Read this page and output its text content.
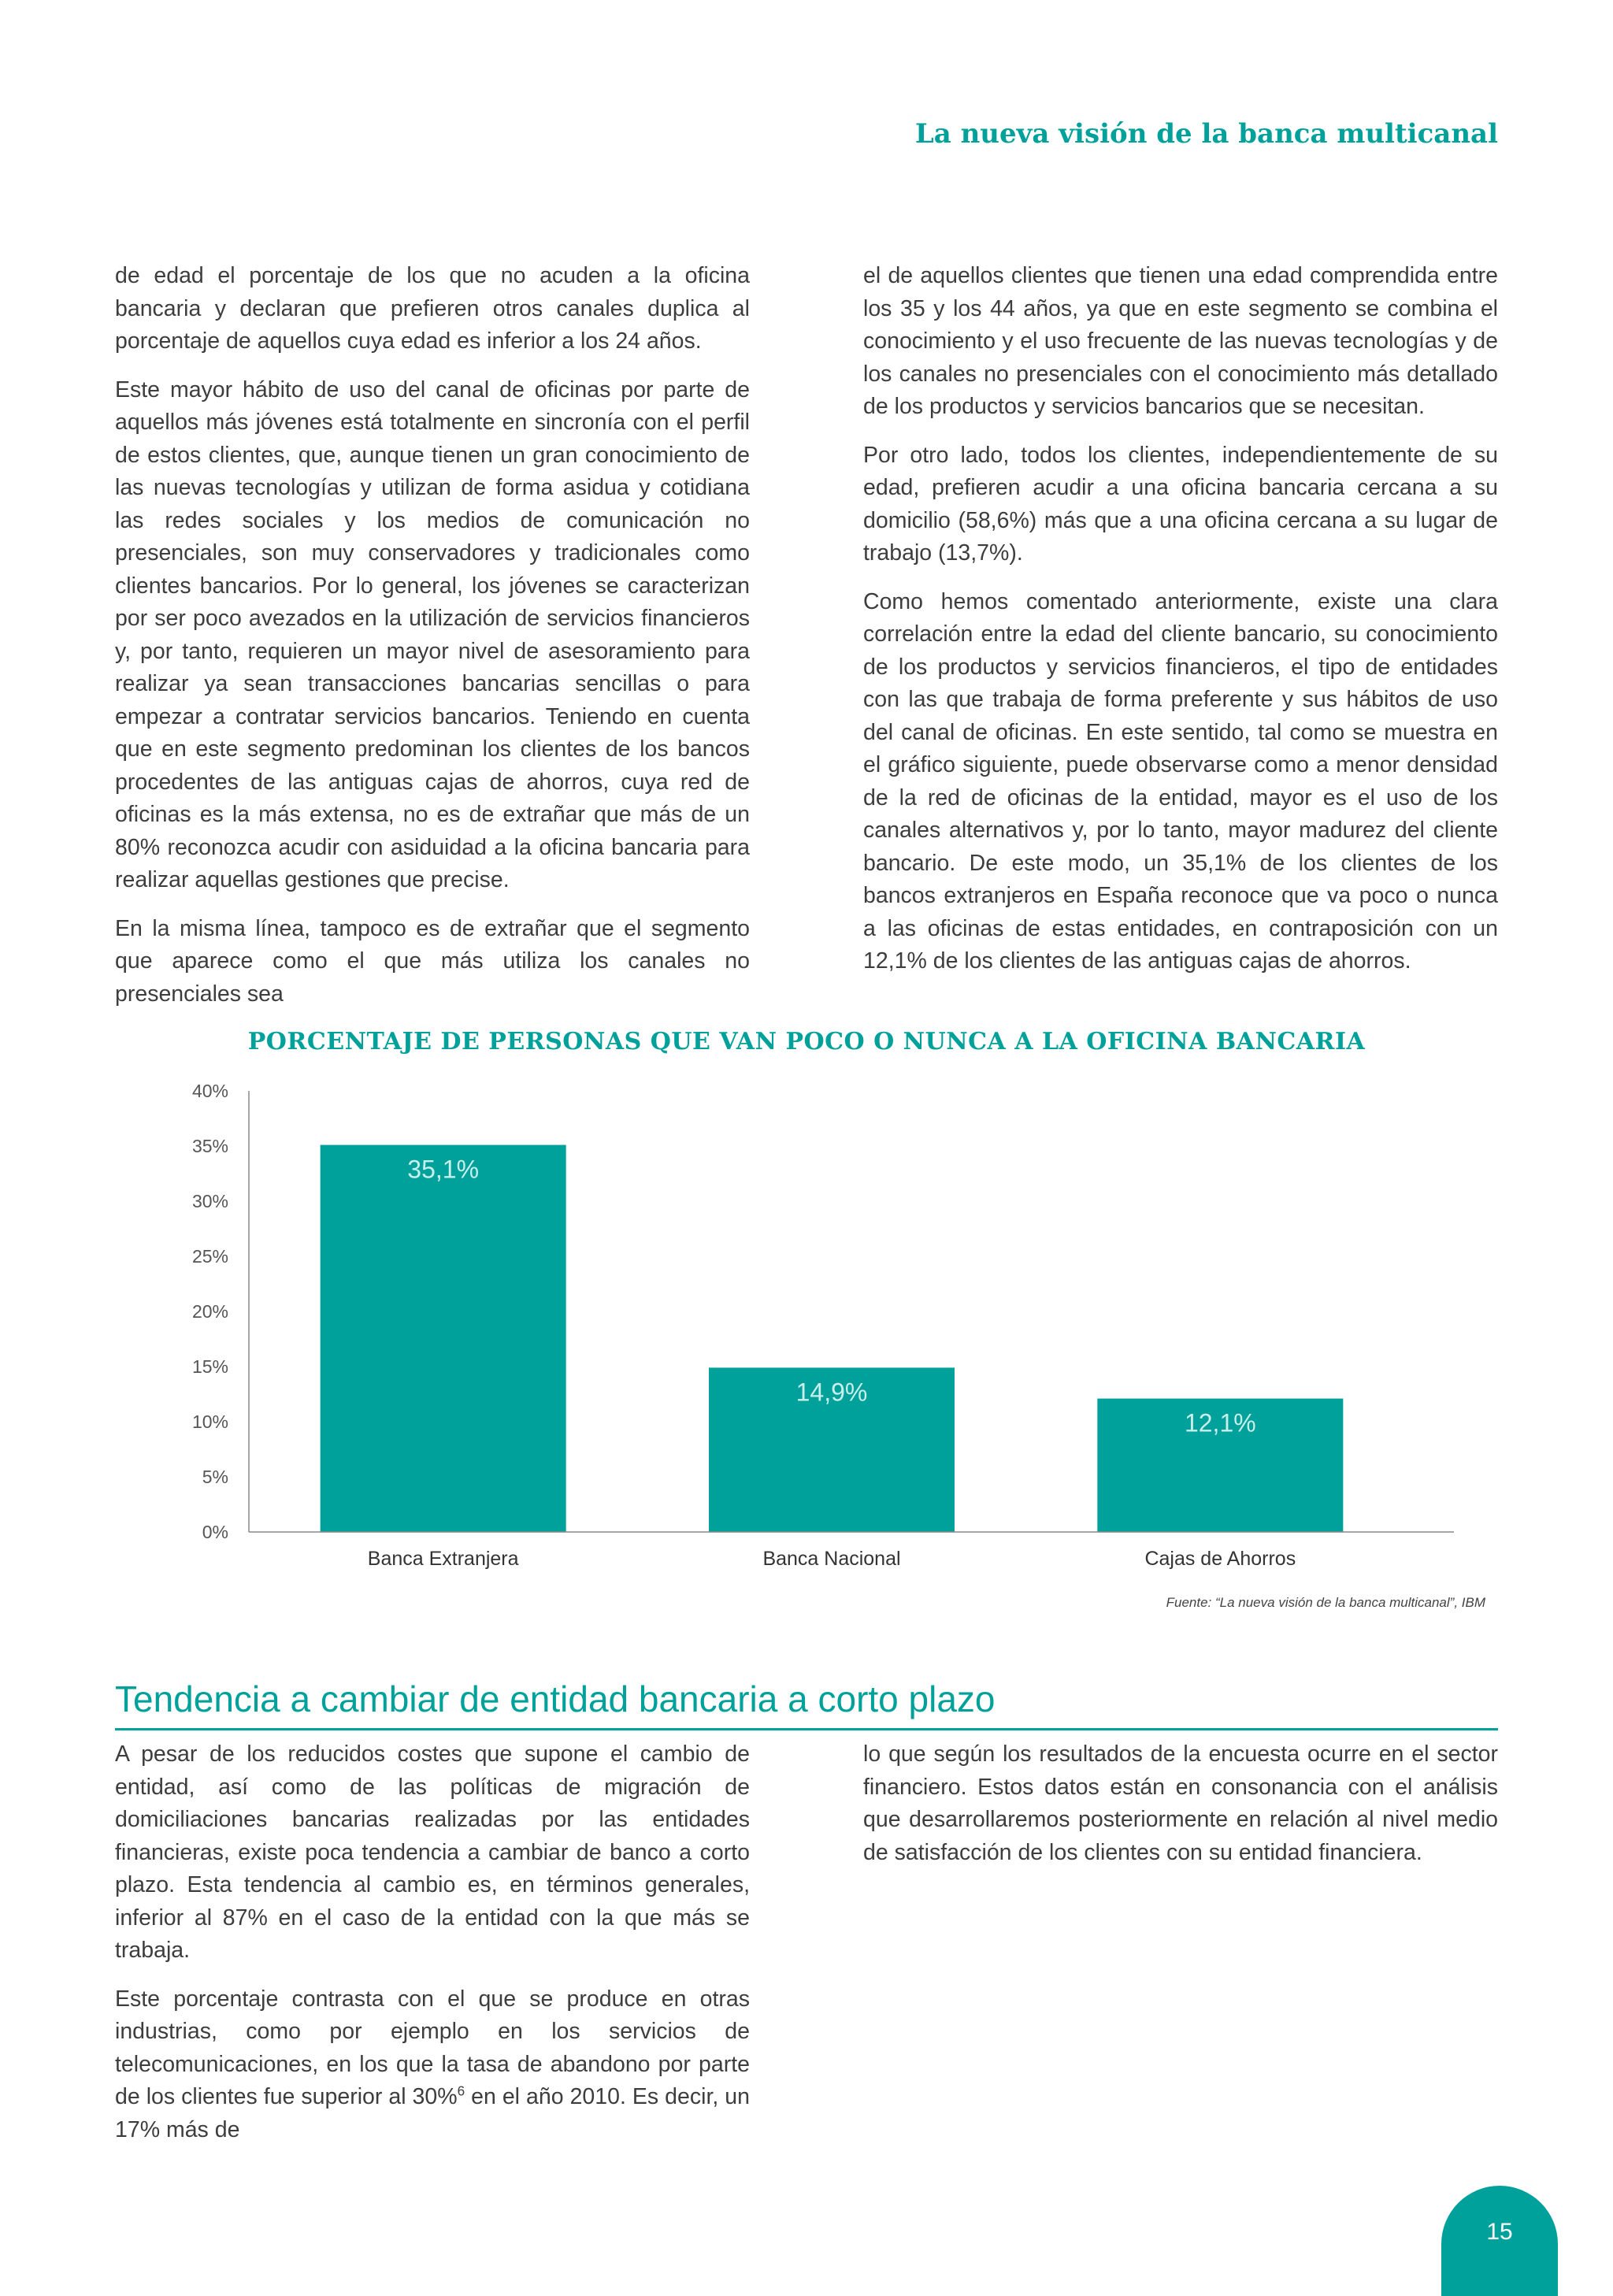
La nueva visión de la banca multicanal

de edad el porcentaje de los que no acuden a la oficina bancaria y declaran que prefieren otros canales duplica al porcentaje de aquellos cuya edad es inferior a los 24 años.

Este mayor hábito de uso del canal de oficinas por parte de aquellos más jóvenes está totalmente en sincronía con el perfil de estos clientes, que, aunque tienen un gran conocimiento de las nuevas tecnologías y utilizan de forma asidua y cotidiana las redes sociales y los medios de comunicación no presenciales, son muy conservadores y tradicionales como clientes bancarios. Por lo general, los jóvenes se caracterizan por ser poco avezados en la utilización de servicios financieros y, por tanto, requieren un mayor nivel de asesoramiento para realizar ya sean transacciones bancarias sencillas o para empezar a contratar servicios bancarios. Teniendo en cuenta que en este segmento predominan los clientes de los bancos procedentes de las antiguas cajas de ahorros, cuya red de oficinas es la más extensa, no es de extrañar que más de un 80% reconozca acudir con asiduidad a la oficina bancaria para realizar aquellas gestiones que precise.

En la misma línea, tampoco es de extrañar que el segmento que aparece como el que más utiliza los canales no presenciales sea

el de aquellos clientes que tienen una edad comprendida entre los 35 y los 44 años, ya que en este segmento se combina el conocimiento y el uso frecuente de las nuevas tecnologías y de los canales no presenciales con el conocimiento más detallado de los productos y servicios bancarios que se necesitan.

Por otro lado, todos los clientes, independientemente de su edad, prefieren acudir a una oficina bancaria cercana a su domicilio (58,6%) más que a una oficina cercana a su lugar de trabajo (13,7%).

Como hemos comentado anteriormente, existe una clara correlación entre la edad del cliente bancario, su conocimiento de los productos y servicios financieros, el tipo de entidades con las que trabaja de forma preferente y sus hábitos de uso del canal de oficinas. En este sentido, tal como se muestra en el gráfico siguiente, puede observarse como a menor densidad de la red de oficinas de la entidad, mayor es el uso de los canales alternativos y, por lo tanto, mayor madurez del cliente bancario. De este modo, un 35,1% de los clientes de los bancos extranjeros en España reconoce que va poco o nunca a las oficinas de estas entidades, en contraposición con un 12,1% de los clientes de las antiguas cajas de ahorros.

PORCENTAJE DE PERSONAS QUE VAN POCO O NUNCA A LA OFICINA BANCARIA
0%
5%
10%
15%
20%
25%
30%
35%
40%
35,1%
Banca Extranjera
14,9%
Banca Nacional
12,1%
Cajas de Ahorros
Fuente: “La nueva visión de la banca multicanal”, IBM
Tendencia a cambiar de entidad bancaria a corto plazo

A pesar de los reducidos costes que supone el cambio de entidad, así como de las políticas de migración de domiciliaciones bancarias realizadas por las entidades financieras, existe poca tendencia a cambiar de banco a corto plazo. Esta tendencia al cambio es, en términos generales, inferior al 87% en el caso de la entidad con la que más se trabaja.

Este porcentaje contrasta con el que se produce en otras industrias, como por ejemplo en los servicios de telecomunicaciones, en los que la tasa de abandono por parte de los clientes fue superior al 30%$^6$ en el año 2010. Es decir, un 17% más de

lo que según los resultados de la encuesta ocurre en el sector financiero. Estos datos están en consonancia con el análisis que desarrollaremos posteriormente en relación al nivel medio de satisfacción de los clientes con su entidad financiera.

15
